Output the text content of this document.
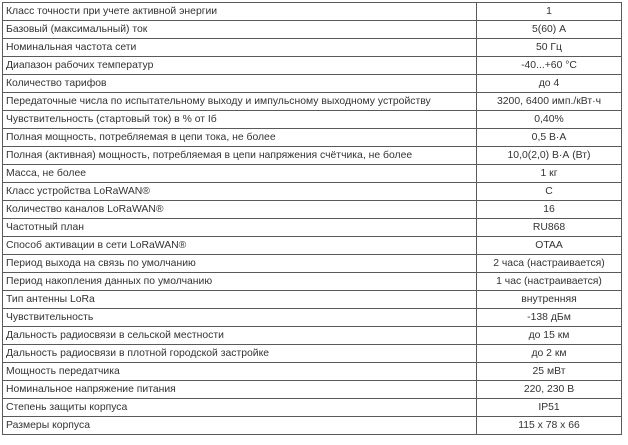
Класс точности при учете активной энергии	1
Базовый (максимальный) ток	5(60) А
Номинальная частота сети	50 Гц
Диапазон рабочих температур	-40...+60 °С
Количество тарифов	до 4
Передаточные числа по испытательному выходу и импульсному выходному устройству	3200, 6400 имп./кВт·ч
Чувствительность (стартовый ток) в % от Iб	0,40%
Полная мощность, потребляемая в цепи тока, не более	0,5 В·А
Полная (активная) мощность, потребляемая в цепи напряжения счётчика, не более	10,0(2,0) В·А (Вт)
Масса, не более	1 кг
Класс устройства LoRaWAN®	С
Количество каналов LoRaWAN®	16
Частотный план	RU868
Способ активации в сети LoRaWAN®	OTAA
Период выхода на связь по умолчанию	2 часа (настраивается)
Период накопления данных по умолчанию	1 час (настраивается)
Тип антенны LoRa	внутренняя
Чувствительность	-138 дБм
Дальность радиосвязи в сельской местности	до 15 км
Дальность радиосвязи в плотной городской застройке	до 2 км
Мощность передатчика	25 мВт
Номинальное напряжение питания	220, 230 В
Степень защиты корпуса	IP51
Размеры корпуса	115 х 78 х 66
